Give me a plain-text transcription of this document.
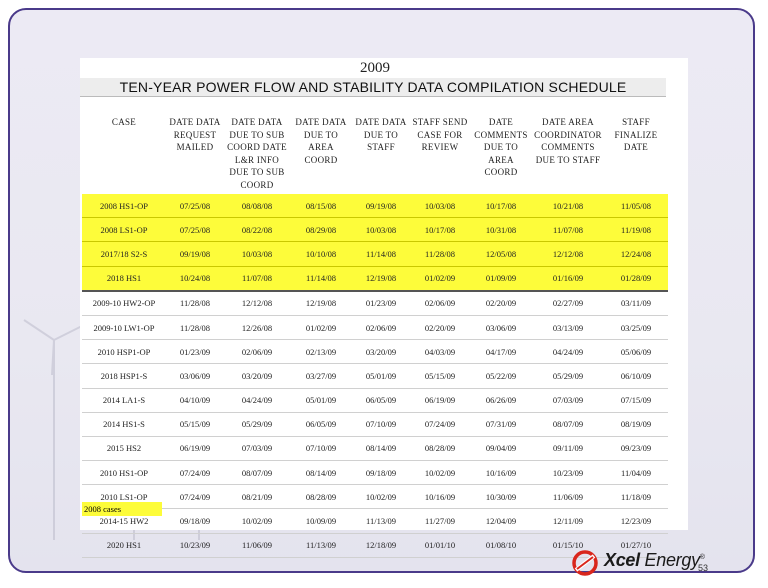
2009
TEN-YEAR POWER FLOW AND STABILITY DATA COMPILATION SCHEDULE
CASE	DATE DATA REQUEST MAILED	DATE DATA DUE TO SUB COORD DATE L&R INFO DUE TO SUB COORD	DATE DATA DUE TO AREA COORD	DATE DATA DUE TO STAFF	STAFF SEND CASE FOR REVIEW	DATE COMMENTS DUE TO AREA COORD	DATE AREA COORDINATOR COMMENTS DUE TO STAFF	STAFF FINALIZE DATE
2008 HS1-OP	07/25/08	08/08/08	08/15/08	09/19/08	10/03/08	10/17/08	10/21/08	11/05/08
2008 LS1-OP	07/25/08	08/22/08	08/29/08	10/03/08	10/17/08	10/31/08	11/07/08	11/19/08
2017/18 S2-S	09/19/08	10/03/08	10/10/08	11/14/08	11/28/08	12/05/08	12/12/08	12/24/08
2018 HS1	10/24/08	11/07/08	11/14/08	12/19/08	01/02/09	01/09/09	01/16/09	01/28/09
2009-10 HW2-OP	11/28/08	12/12/08	12/19/08	01/23/09	02/06/09	02/20/09	02/27/09	03/11/09
2009-10 LW1-OP	11/28/08	12/26/08	01/02/09	02/06/09	02/20/09	03/06/09	03/13/09	03/25/09
2010 HSP1-OP	01/23/09	02/06/09	02/13/09	03/20/09	04/03/09	04/17/09	04/24/09	05/06/09
2018 HSP1-S	03/06/09	03/20/09	03/27/09	05/01/09	05/15/09	05/22/09	05/29/09	06/10/09
2014 LA1-S	04/10/09	04/24/09	05/01/09	06/05/09	06/19/09	06/26/09	07/03/09	07/15/09
2014 HS1-S	05/15/09	05/29/09	06/05/09	07/10/09	07/24/09	07/31/09	08/07/09	08/19/09
2015 HS2	06/19/09	07/03/09	07/10/09	08/14/09	08/28/09	09/04/09	09/11/09	09/23/09
2010 HS1-OP	07/24/09	08/07/09	08/14/09	09/18/09	10/02/09	10/16/09	10/23/09	11/04/09
2010 LS1-OP	07/24/09	08/21/09	08/28/09	10/02/09	10/16/09	10/30/09	11/06/09	11/18/09
2014-15 HW2	09/18/09	10/02/09	10/09/09	11/13/09	11/27/09	12/04/09	12/11/09	12/23/09
2020 HS1	10/23/09	11/06/09	11/13/09	12/18/09	01/01/10	01/08/10	01/15/10	01/27/10
2008 cases
Xcel Energy®
53
